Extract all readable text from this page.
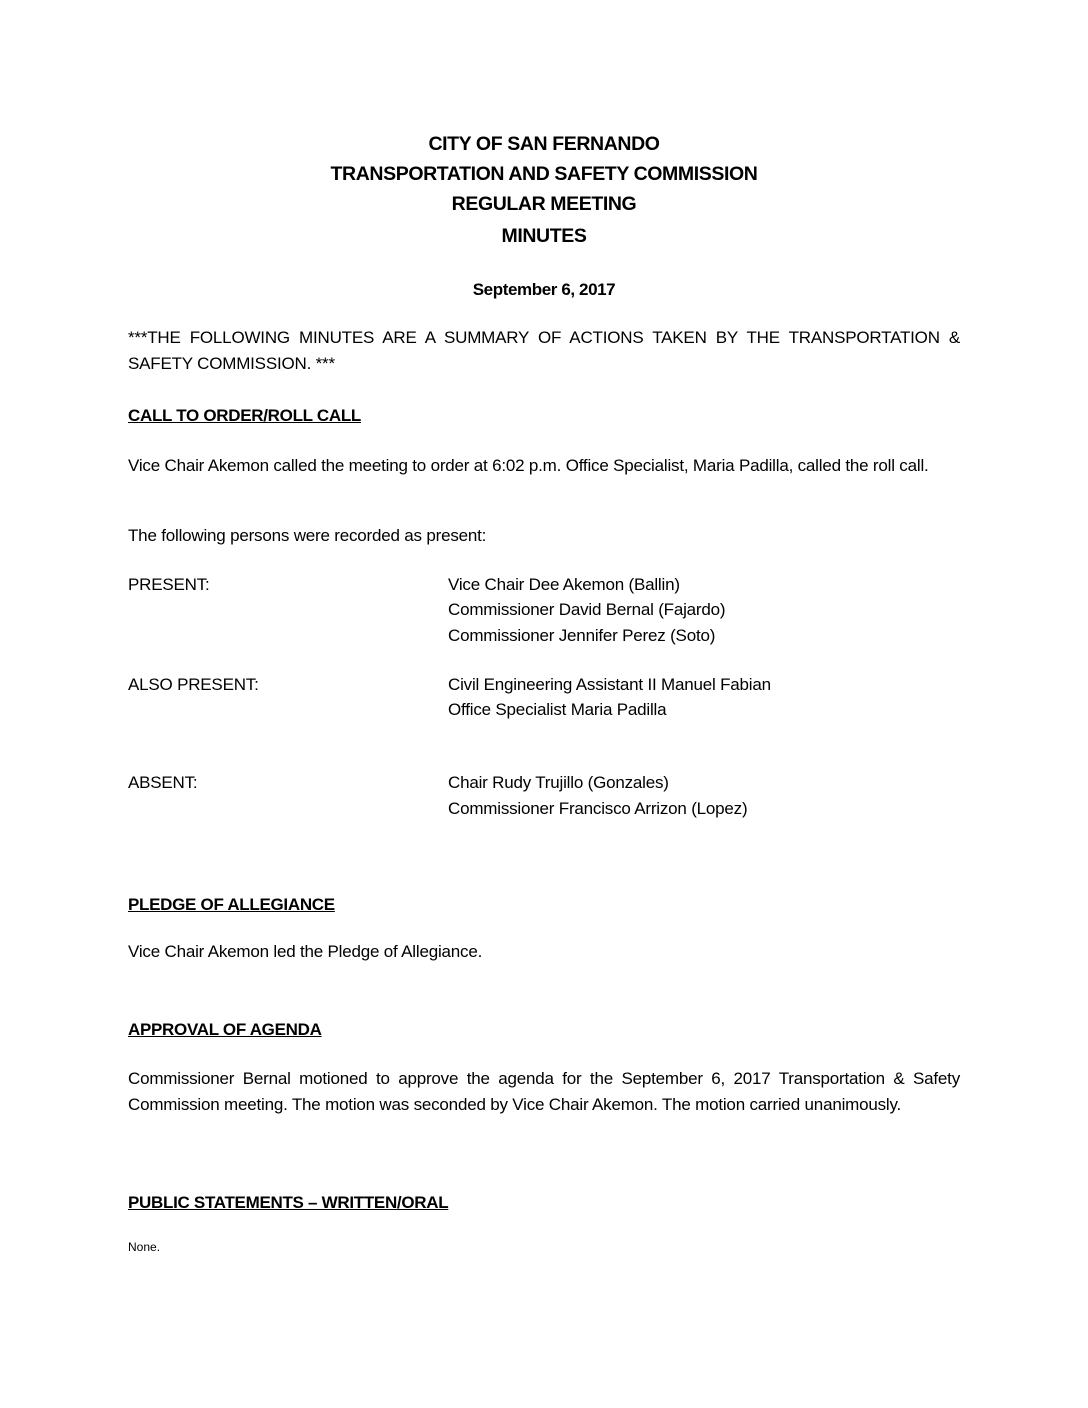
CITY OF SAN FERNANDO
TRANSPORTATION AND SAFETY COMMISSION
REGULAR MEETING
MINUTES
September 6, 2017
***THE FOLLOWING MINUTES ARE A SUMMARY OF ACTIONS TAKEN BY THE TRANSPORTATION & SAFETY COMMISSION. ***
CALL TO ORDER/ROLL CALL
Vice Chair Akemon called the meeting to order at 6:02 p.m. Office Specialist, Maria Padilla, called the roll call.
The following persons were recorded as present:
PRESENT:	Vice Chair Dee Akemon (Ballin)
Commissioner David Bernal (Fajardo)
Commissioner Jennifer Perez (Soto)
ALSO PRESENT:	Civil Engineering Assistant II Manuel Fabian
Office Specialist Maria Padilla
ABSENT:	Chair Rudy Trujillo (Gonzales)
Commissioner Francisco Arrizon (Lopez)
PLEDGE OF ALLEGIANCE
Vice Chair Akemon led the Pledge of Allegiance.
APPROVAL OF AGENDA
Commissioner Bernal motioned to approve the agenda for the September 6, 2017 Transportation & Safety Commission meeting. The motion was seconded by Vice Chair Akemon. The motion carried unanimously.
PUBLIC STATEMENTS – WRITTEN/ORAL
None.
